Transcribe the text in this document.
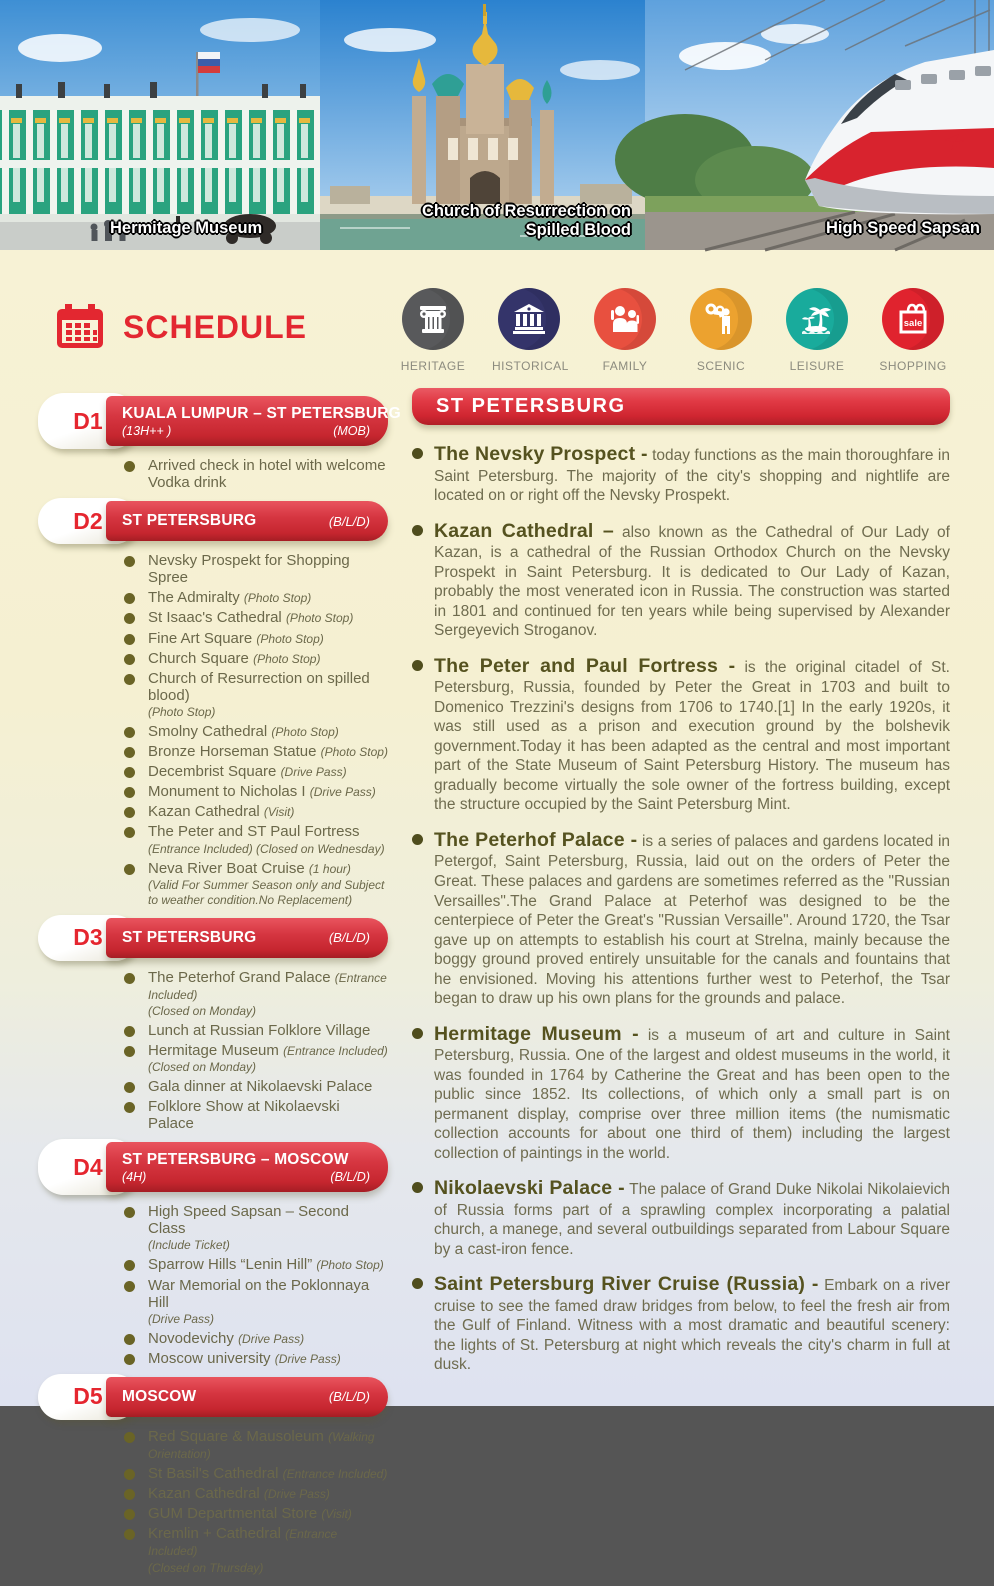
Hermitage Museum
Church of Resurrection on Spilled Blood	High Speed Sapsan
SCHEDULE
HERITAGE	HISTORICAL	FAMILY	SCENIC	LEISURE
sale
SHOPPING
D1 KUALA LUMPUR – ST PETERSBURG
(13H++ )	(MOB)
Arrived check in hotel with welcome Vodka drink
D2 ST PETERSBURG	(B/L/D)
Nevsky Prospekt for Shopping Spree
The Admiralty (Photo Stop)
St Isaac's Cathedral (Photo Stop)
Fine Art Square (Photo Stop)
Church Square (Photo Stop)
Church of Resurrection on spilled blood)
(Photo Stop)
Smolny Cathedral (Photo Stop)
Bronze Horseman Statue (Photo Stop)
Decembrist Square (Drive Pass)
Monument to Nicholas I (Drive Pass)
Kazan Cathedral (Visit)
The Peter and ST Paul Fortress
(Entrance Included) (Closed on Wednesday)
Neva River Boat Cruise (1 hour)
(Valid For Summer Season only and Subject to weather condition.No Replacement)
D3 ST PETERSBURG	(B/L/D)
The Peterhof Grand Palace (Entrance Included)
(Closed on Monday)
Lunch at Russian Folklore Village
Hermitage Museum (Entrance Included)
(Closed on Monday)
Gala dinner at Nikolaevski Palace
Folklore Show at Nikolaevski Palace
D4 ST PETERSBURG – MOSCOW
(4H)	(B/L/D)
High Speed Sapsan – Second Class
(Include Ticket)
Sparrow Hills “Lenin Hill” (Photo Stop)
War Memorial on the Poklonnaya Hill
(Drive Pass)
Novodevichy (Drive Pass)
Moscow university (Drive Pass)
D5 MOSCOW	(B/L/D)
Red Square & Mausoleum (Walking Orientation)
St Basil's Cathedral (Entrance Included)
Kazan Cathedral (Drive Pass)
GUM Departmental Store (Visit)
Kremlin + Cathedral (Entrance Included)
(Closed on Thursday)
ST PETERSBURG

The Nevsky Prospect - today functions as the main thoroughfare in Saint Petersburg. The majority of the city's shopping and nightlife are located on or right off the Nevsky Prospekt.

Kazan Cathedral – also known as the Cathedral of Our Lady of Kazan, is a cathedral of the Russian Orthodox Church on the Nevsky Prospekt in Saint Petersburg. It is dedicated to Our Lady of Kazan, probably the most venerated icon in Russia. The construction was started in 1801 and continued for ten years while being supervised by Alexander Sergeyevich Stroganov.

The Peter and Paul Fortress - is the original citadel of St. Petersburg, Russia, founded by Peter the Great in 1703 and built to Domenico Trezzini's designs from 1706 to 1740.[1] In the early 1920s, it was still used as a prison and execution ground by the bolshevik government.Today it has been adapted as the central and most important part of the State Museum of Saint Petersburg History. The museum has gradually become virtually the sole owner of the fortress building, except the structure occupied by the Saint Petersburg Mint.

The Peterhof Palace - is a series of palaces and gardens located in Petergof, Saint Petersburg, Russia, laid out on the orders of Peter the Great. These palaces and gardens are sometimes referred as the "Russian Versailles".The Grand Palace at Peterhof was designed to be the centerpiece of Peter the Great's "Russian Versaille". Around 1720, the Tsar gave up on attempts to establish his court at Strelna, mainly because the boggy ground proved entirely unsuitable for the canals and fountains that he envisioned. Moving his attentions further west to Peterhof, the Tsar began to draw up his own plans for the grounds and palace.

Hermitage Museum - is a museum of art and culture in Saint Petersburg, Russia. One of the largest and oldest museums in the world, it was founded in 1764 by Catherine the Great and has been open to the public since 1852. Its collections, of which only a small part is on permanent display, comprise over three million items (the numismatic collection accounts for about one third of them) including the largest collection of paintings in the world.

Nikolaevski Palace - The palace of Grand Duke Nikolai Nikolaievich of Russia forms part of a sprawling complex incorporating a palatial church, a manege, and several outbuildings separated from Labour Square by a cast-iron fence.

Saint Petersburg River Cruise (Russia) - Embark on a river cruise to see the famed draw bridges from below, to feel the fresh air from the Gulf of Finland. Witness with a most dramatic and beautiful scenery: the lights of St. Petersburg at night which reveals the city's charm in full at dusk.
